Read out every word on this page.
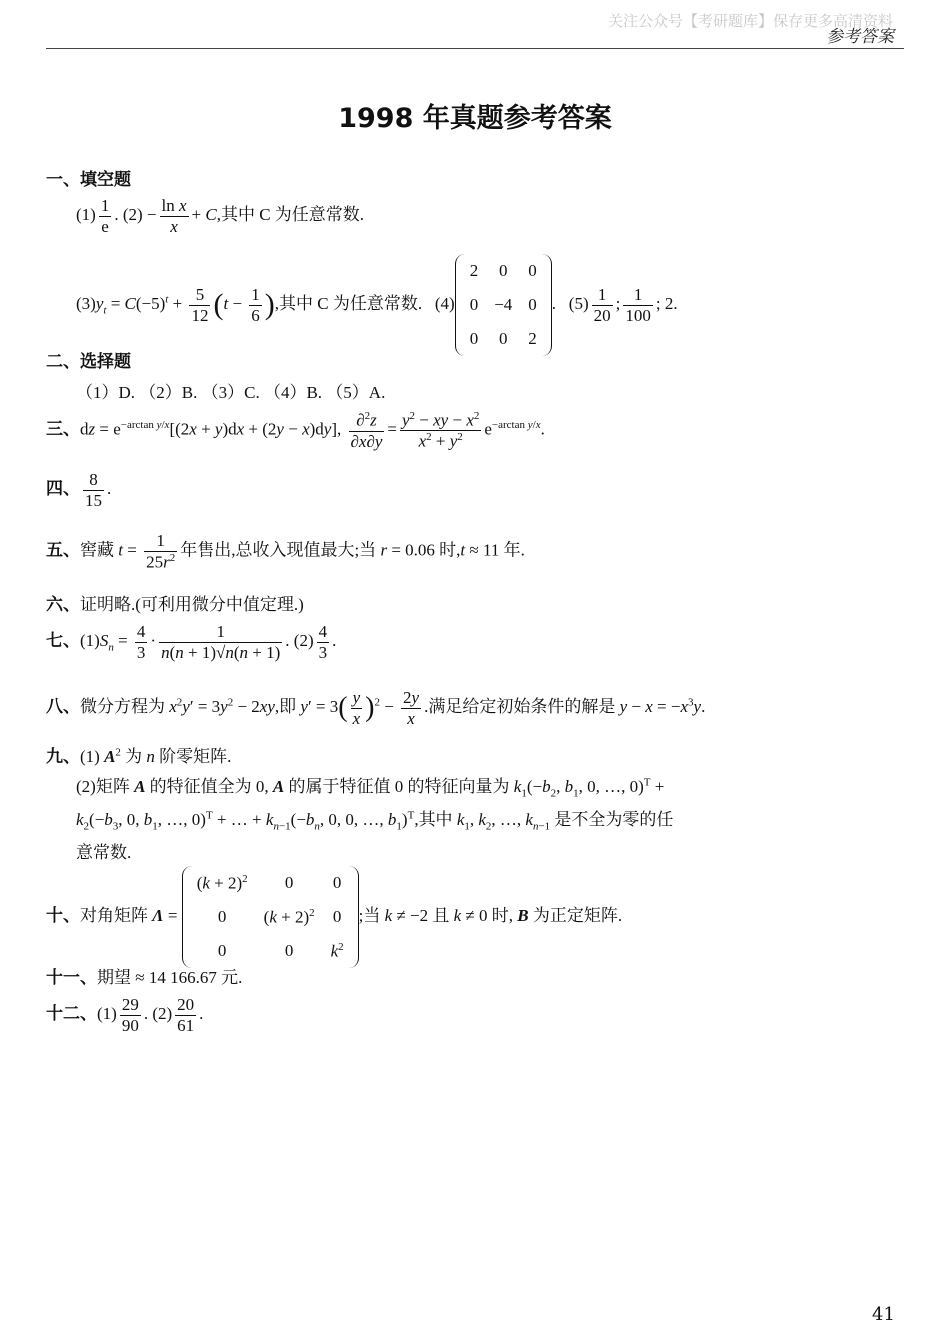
关注公众号【考研题库】保存更多高清资料
参考答案
1998 年真题参考答案
一、填空题
$(1) \frac{1}{e}$ . $(2) - \frac{\text{ln x}}{x} + C$,其中 C 为任意常数.
$(3)y_t = C(-5)^t + \frac{5}{12} (t - \frac{1}{6}$ ),其中 C 为任意常数.   (4)
2	0	0
0	−4	0
0	0	2
.   $(5) \frac{1}{20}$ ; $\frac{1}{100}$ ; 2.
二、选择题
（1）D. （2）B. （3）C. （4）B. （5）A.
三、dz = $e^{-arctan y/x}[(2x + y)dx + (2y - x)dy]$, $\frac{\partial^2z}{\partial x\partial y} = \frac{y^2 - xy - x^2}{x^2 + y^2} e^{-arctan y/x}$.
四、 $\frac{8}{15}$ .
五、窖藏 $t = \frac{1}{25r^2}$ 年售出,总收入现值最大;当 r = 0.06 时,t ≈ 11 年.
六、证明略.(可利用微分中值定理.)
七、$(1)S_n = \frac{4}{3} \cdot \frac{1}{n(n + 1)√n(n + 1)}$ . $(2) \frac{4}{3}$ .
八、微分方程为 $x^2y' = 3y^2 - 2xy$,即 $y' = 3( \frac{y}{x} )^2 - \frac{2y}{x}$ .满足给定初始条件的解是 $y - x = -x^3y$.
九、(1) $A^2$ 为 n 阶零矩阵.
(2)矩阵 A 的特征值全为 0, A 的属于特征值 0 的特征向量为 $k_1(-b_2$, $b_1$, 0, …, 0)$^T$ +
$k_2(-b_3$, 0, $b_1$, …, 0)$^T$ + … + $k_{n-1}(-b_n$, 0, 0, …, $b_1)^T$,其中 $k_1$, $k_2$, …, $k_{n-1}$ 是不全为零的任
意常数.
十、对角矩阵 Λ =
$(k + 2)^2$	0	0
0	$(k + 2)^2$	0
0	0	$k^2$
;当 k ≠ −2 且 k ≠ 0 时, B 为正定矩阵.
十一、期望 ≈ 14 166.67 元.
十二、$(1) \frac{29}{90}$ . $(2) \frac{20}{61}$ .
41
